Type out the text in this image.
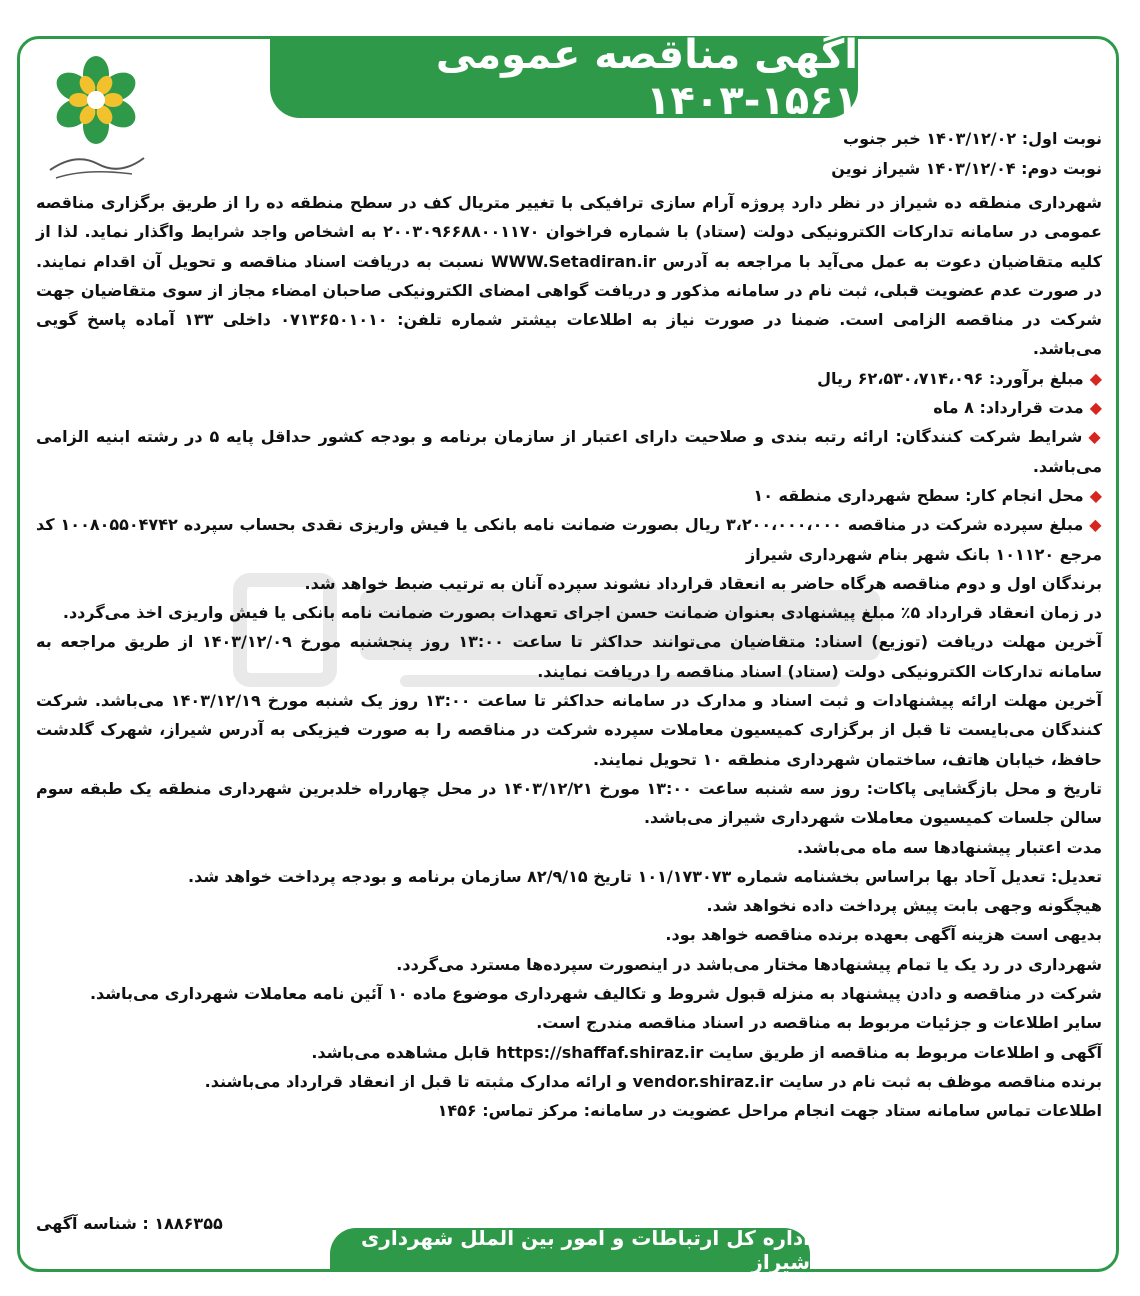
آگهی مناقصه عمومی ۱۵۶۱-۱۴۰۳
نوبت اول: ۱۴۰۳/۱۲/۰۲ خبر جنوب
نوبت دوم: ۱۴۰۳/۱۲/۰۴ شیراز نوین

شهرداری منطقه ده شیراز در نظر دارد پروژه آرام سازی ترافیکی با تغییر متریال کف در سطح منطقه ده را از طریق برگزاری مناقصه عمومی در سامانه تدارکات الکترونیکی دولت (ستاد) با شماره فراخوان ۲۰۰۳۰۹۶۶۸۸۰۰۱۱۷۰ به اشخاص واجد شرایط واگذار نماید. لذا از کلیه متقاضیان دعوت به عمل می‌آید با مراجعه به آدرس WWW.Setadiran.ir نسبت به دریافت اسناد مناقصه و تحویل آن اقدام نمایند. در صورت عدم عضویت قبلی، ثبت نام در سامانه مذکور و دریافت گواهی امضای الکترونیکی صاحبان امضاء مجاز از سوی متقاضیان جهت شرکت در مناقصه الزامی است. ضمنا در صورت نیاز به اطلاعات بیشتر شماره تلفن: ۰۷۱۳۶۵۰۱۰۱۰ داخلی ۱۳۳ آماده پاسخ گویی می‌باشد.

◆مبلغ برآورد: ۶۲،۵۳۰،۷۱۴،۰۹۶ ریال

◆مدت قرارداد: ۸ ماه

◆شرایط شرکت کنندگان: ارائه رتبه بندی و صلاحیت دارای اعتبار از سازمان برنامه و بودجه کشور حداقل پایه ۵ در رشته ابنیه الزامی می‌باشد.

◆محل انجام کار: سطح شهرداری منطقه ۱۰

◆مبلغ سپرده شرکت در مناقصه ۳،۲۰۰،۰۰۰،۰۰۰ ریال بصورت ضمانت نامه بانکی یا فیش واریزی نقدی بحساب سپرده ۱۰۰۸۰۵۵۰۴۷۴۲ کد مرجع ۱۰۱۱۲۰ بانک شهر بنام شهرداری شیراز

برندگان اول و دوم مناقصه هرگاه حاضر به انعقاد قرارداد نشوند سپرده آنان به ترتیب ضبط خواهد شد.

در زمان انعقاد قرارداد ۵٪ مبلغ پیشنهادی بعنوان ضمانت حسن اجرای تعهدات بصورت ضمانت نامه بانکی یا فیش واریزی اخذ می‌گردد.

آخرین مهلت دریافت (توزیع) اسناد: متقاضیان می‌توانند حداکثر تا ساعت ۱۳:۰۰ روز پنجشنبه مورخ ۱۴۰۳/۱۲/۰۹ از طریق مراجعه به سامانه تدارکات الکترونیکی دولت (ستاد) اسناد مناقصه را دریافت نمایند.

آخرین مهلت ارائه پیشنهادات و ثبت اسناد و مدارک در سامانه حداکثر تا ساعت ۱۳:۰۰ روز یک شنبه مورخ ۱۴۰۳/۱۲/۱۹ می‌باشد. شرکت کنندگان می‌بایست تا قبل از برگزاری کمیسیون معاملات سپرده شرکت در مناقصه را به صورت فیزیکی به آدرس شیراز، شهرک گلدشت حافظ، خیابان هاتف، ساختمان شهرداری منطقه ۱۰ تحویل نمایند.

تاریخ و محل بازگشایی پاکات: روز سه شنبه ساعت ۱۳:۰۰ مورخ ۱۴۰۳/۱۲/۲۱ در محل چهارراه خلدبرین شهرداری منطقه یک طبقه سوم سالن جلسات کمیسیون معاملات شهرداری شیراز می‌باشد.

مدت اعتبار پیشنهادها سه ماه می‌باشد.

تعدیل: تعدیل آحاد بها براساس بخشنامه شماره ۱۰۱/۱۷۳۰۷۳ تاریخ ۸۲/۹/۱۵ سازمان برنامه و بودجه پرداخت خواهد شد.

هیچگونه وجهی بابت پیش پرداخت داده نخواهد شد.

بدیهی است هزینه آگهی بعهده برنده مناقصه خواهد بود.

شهرداری در رد یک یا تمام پیشنهادها مختار می‌باشد در اینصورت سپرده‌ها مسترد می‌گردد.

شرکت در مناقصه و دادن پیشنهاد به منزله قبول شروط و تکالیف شهرداری موضوع ماده ۱۰ آئین نامه معاملات شهرداری می‌باشد.

سایر اطلاعات و جزئیات مربوط به مناقصه در اسناد مناقصه مندرج است.

آگهی و اطلاعات مربوط به مناقصه از طریق سایت https://shaffaf.shiraz.ir قابل مشاهده می‌باشد.

برنده مناقصه موظف به ثبت نام در سایت vendor.shiraz.ir و ارائه مدارک مثبته تا قبل از انعقاد قرارداد می‌باشند.

اطلاعات تماس سامانه ستاد جهت انجام مراحل عضویت در سامانه: مرکز تماس: ۱۴۵۶

۱۸۸۶۳۵۵ : شناسه آگهی
اداره کل ارتباطات و امور بین الملل شهرداری شیراز
